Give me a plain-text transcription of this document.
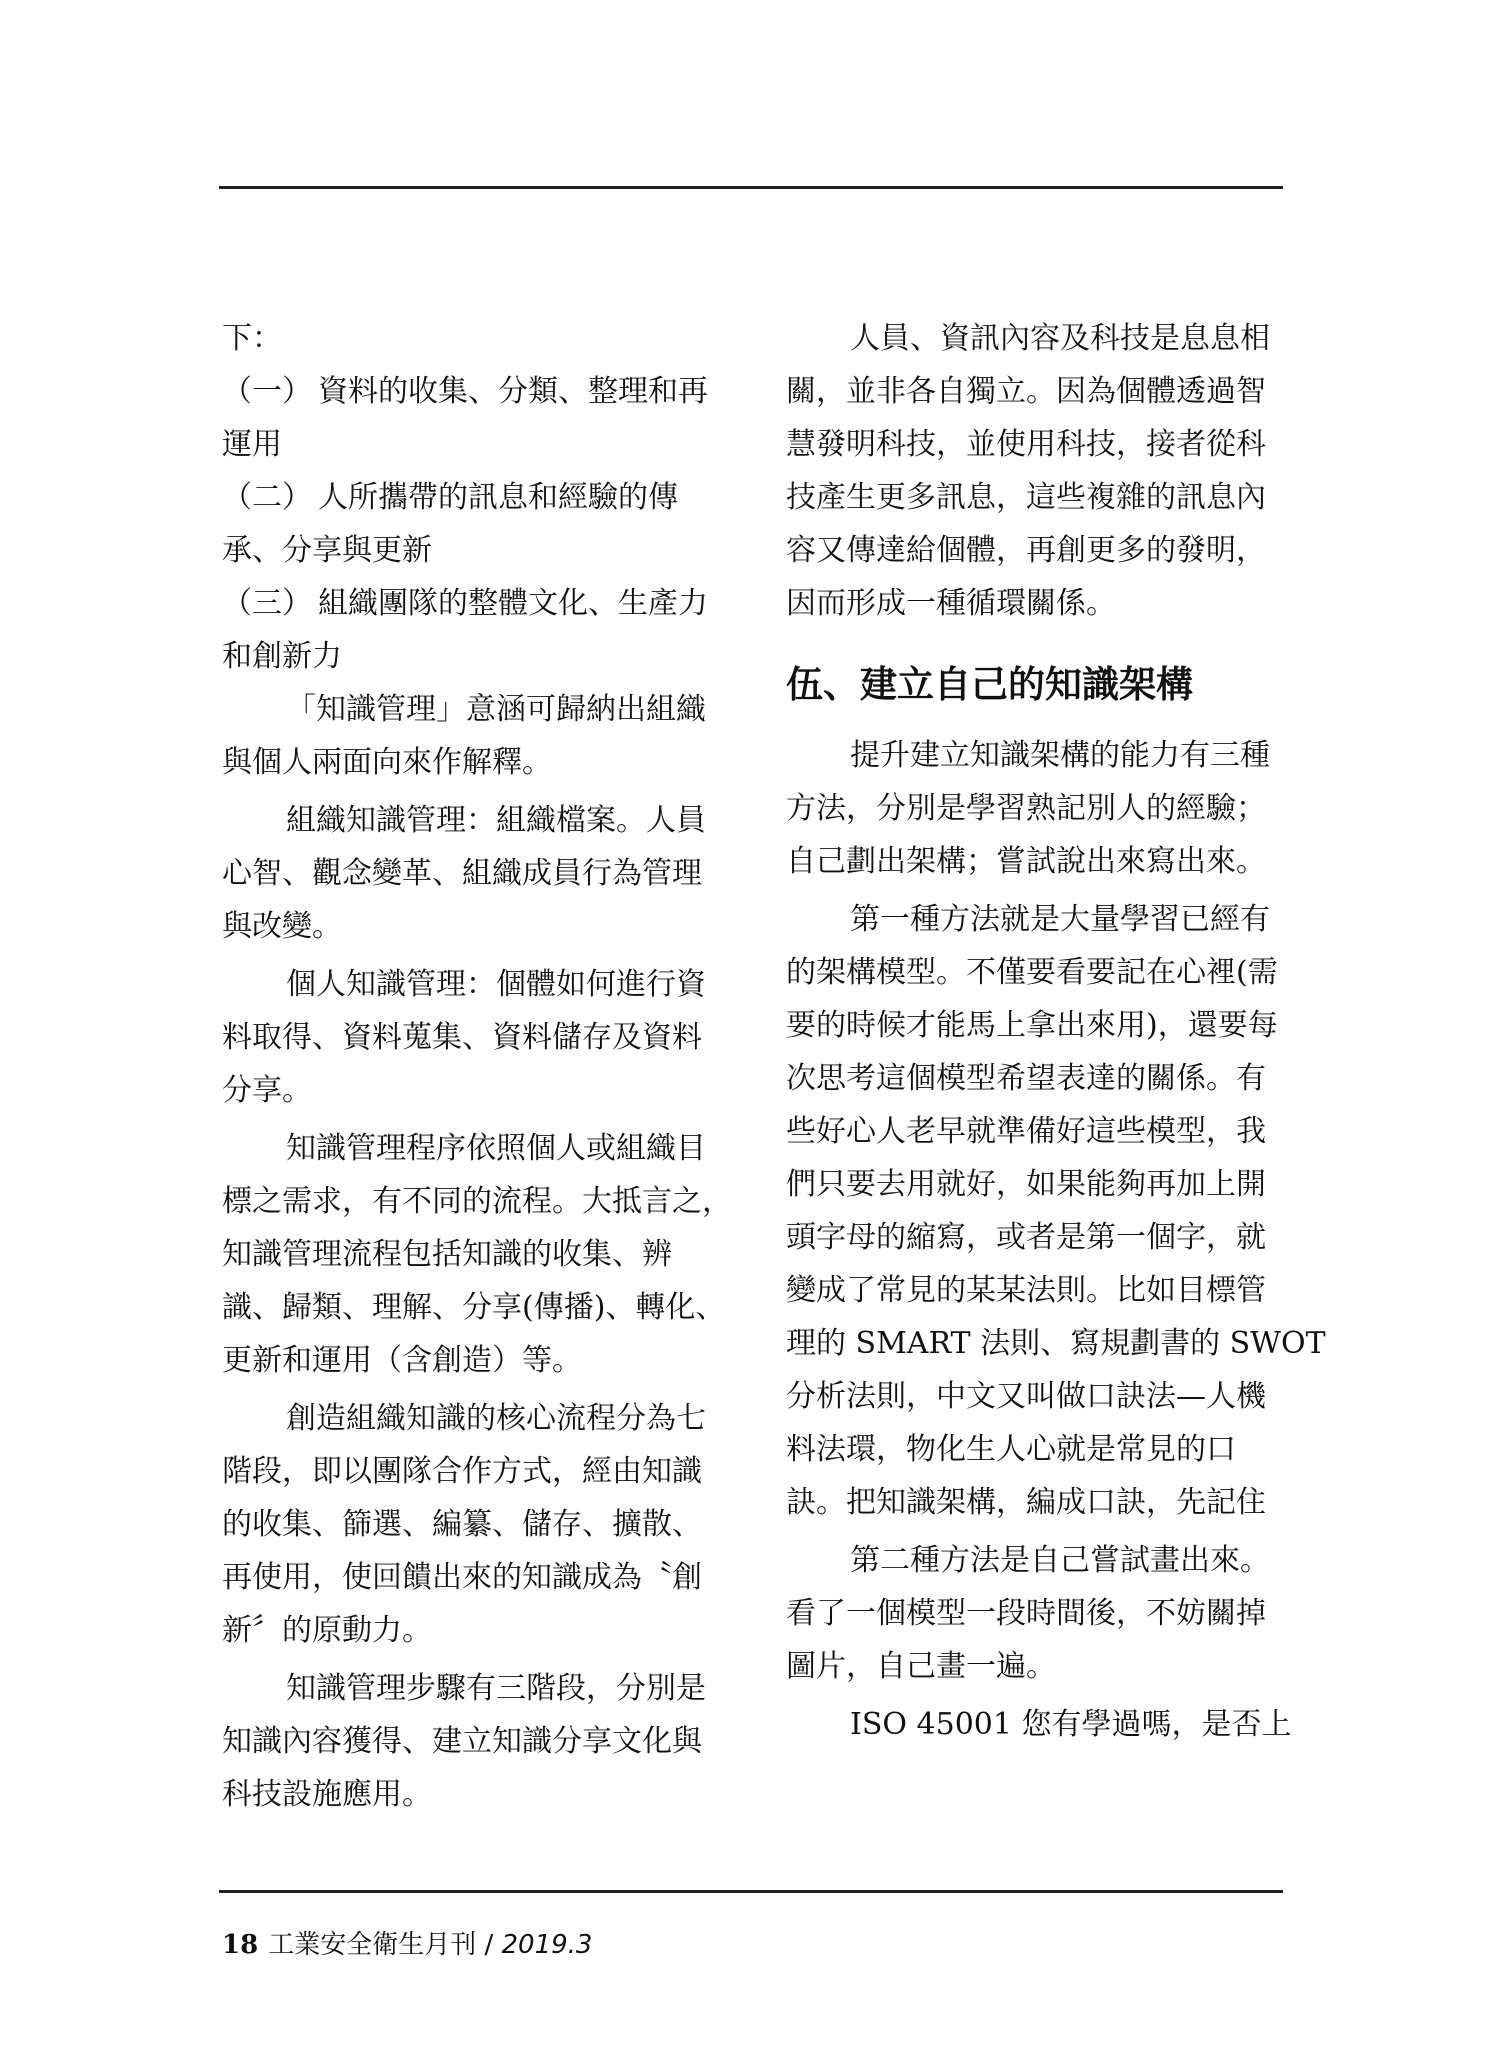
下：
（一） 資料的收集、分類、整理和再
運用
（二） 人所攜帶的訊息和經驗的傳
承、分享與更新
（三） 組織團隊的整體文化、生產力
和創新力
「知識管理」意涵可歸納出組織
與個人兩面向來作解釋。
組織知識管理：組織檔案。人員
心智、觀念變革、組織成員行為管理
與改變。
個人知識管理：個體如何進行資
料取得、資料蒐集、資料儲存及資料
分享。
知識管理程序依照個人或組織目
標之需求，有不同的流程。大抵言之，
知識管理流程包括知識的收集、辨
識、歸類、理解、分享(傳播)、轉化、
更新和運用（含創造）等。
創造組織知識的核心流程分為七
階段，即以團隊合作方式，經由知識
的收集、篩選、編纂、儲存、擴散、
再使用，使回饋出來的知識成為〝創
新〞的原動力。
知識管理步驟有三階段，分別是
知識內容獲得、建立知識分享文化與
科技設施應用。
人員、資訊內容及科技是息息相
關，並非各自獨立。因為個體透過智
慧發明科技，並使用科技，接者從科
技產生更多訊息，這些複雜的訊息內
容又傳達給個體，再創更多的發明，
因而形成一種循環關係。
伍、建立自己的知識架構
提升建立知識架構的能力有三種
方法，分別是學習熟記別人的經驗；
自己劃出架構；嘗試說出來寫出來。
第一種方法就是大量學習已經有
的架構模型。不僅要看要記在心裡(需
要的時候才能馬上拿出來用)，還要每
次思考這個模型希望表達的關係。有
些好心人老早就準備好這些模型，我
們只要去用就好，如果能夠再加上開
頭字母的縮寫，或者是第一個字，就
變成了常見的某某法則。比如目標管
理的 SMART 法則、寫規劃書的 SWOT
分析法則，中文又叫做口訣法—人機
料法環，物化生人心就是常見的口
訣。把知識架構，編成口訣，先記住
第二種方法是自己嘗試畫出來。
看了一個模型一段時間後，不妨關掉
圖片，自己畫一遍。
ISO 45001 您有學過嗎，是否上
18 工業安全衛生月刊 / 2019.3
